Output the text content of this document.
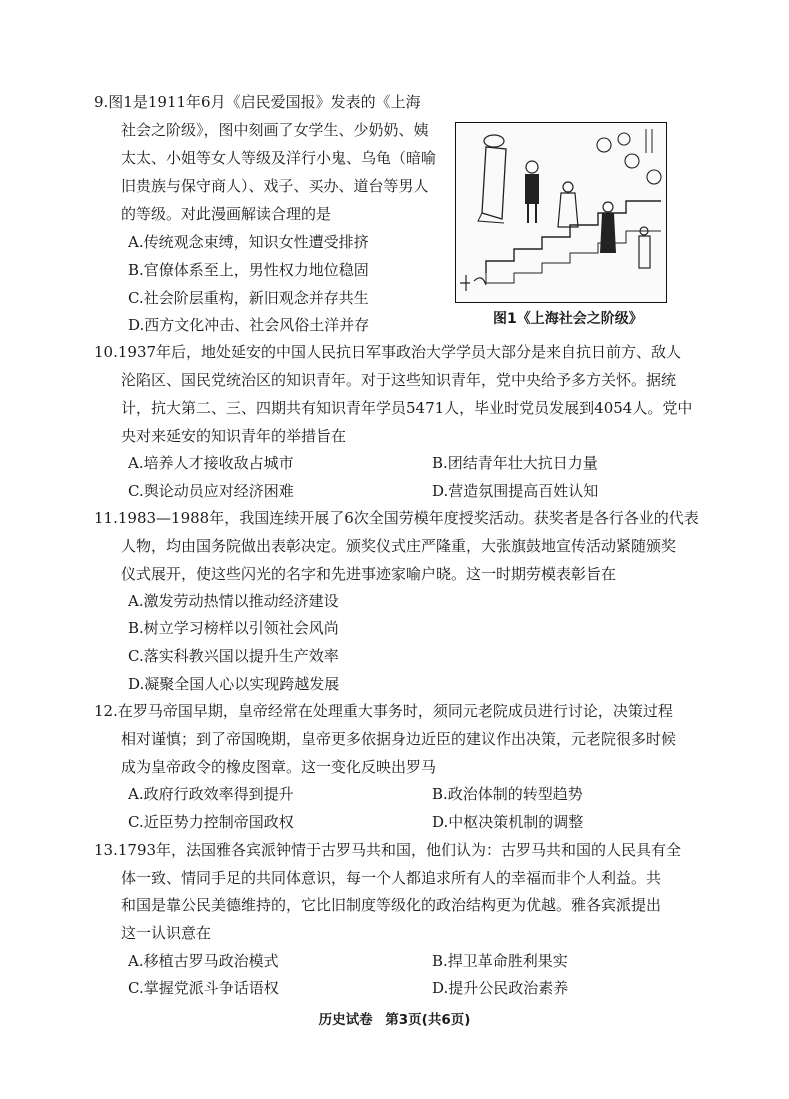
9.图1是1911年6月《启民爱国报》发表的《上海
社会之阶级》，图中刻画了女学生、少奶奶、姨
太太、小姐等女人等级及洋行小鬼、乌龟（暗喻
旧贵族与保守商人）、戏子、买办、道台等男人
的等级。对此漫画解读合理的是
A.传统观念束缚，知识女性遭受排挤
B.官僚体系至上，男性权力地位稳固
C.社会阶层重构，新旧观念并存共生
D.西方文化冲击、社会风俗土洋并存	图1《上海社会之阶级》
10.1937年后，地处延安的中国人民抗日军事政治大学学员大部分是来自抗日前方、敌人
沦陷区、国民党统治区的知识青年。对于这些知识青年，党中央给予多方关怀。据统
计，抗大第二、三、四期共有知识青年学员5471人，毕业时党员发展到4054人。党中
央对来延安的知识青年的举措旨在
A.培养人才接收敌占城市	B.团结青年壮大抗日力量
C.舆论动员应对经济困难	D.营造氛围提高百姓认知
11.1983—1988年，我国连续开展了6次全国劳模年度授奖活动。获奖者是各行各业的代表
人物，均由国务院做出表彰决定。颁奖仪式庄严隆重，大张旗鼓地宣传活动紧随颁奖
仪式展开，使这些闪光的名字和先进事迹家喻户晓。这一时期劳模表彰旨在
A.激发劳动热情以推动经济建设
B.树立学习榜样以引领社会风尚
C.落实科教兴国以提升生产效率
D.凝聚全国人心以实现跨越发展
12.在罗马帝国早期，皇帝经常在处理重大事务时，须同元老院成员进行讨论，决策过程
相对谨慎；到了帝国晚期，皇帝更多依据身边近臣的建议作出决策，元老院很多时候
成为皇帝政令的橡皮图章。这一变化反映出罗马
A.政府行政效率得到提升	B.政治体制的转型趋势
C.近臣势力控制帝国政权	D.中枢决策机制的调整
13.1793年，法国雅各宾派钟情于古罗马共和国，他们认为：古罗马共和国的人民具有全
体一致、情同手足的共同体意识，每一个人都追求所有人的幸福而非个人利益。共
和国是靠公民美德维持的，它比旧制度等级化的政治结构更为优越。雅各宾派提出
这一认识意在
A.移植古罗马政治模式	B.捍卫革命胜利果实
C.掌握党派斗争话语权	D.提升公民政治素养
历史试卷 第3页(共6页)
